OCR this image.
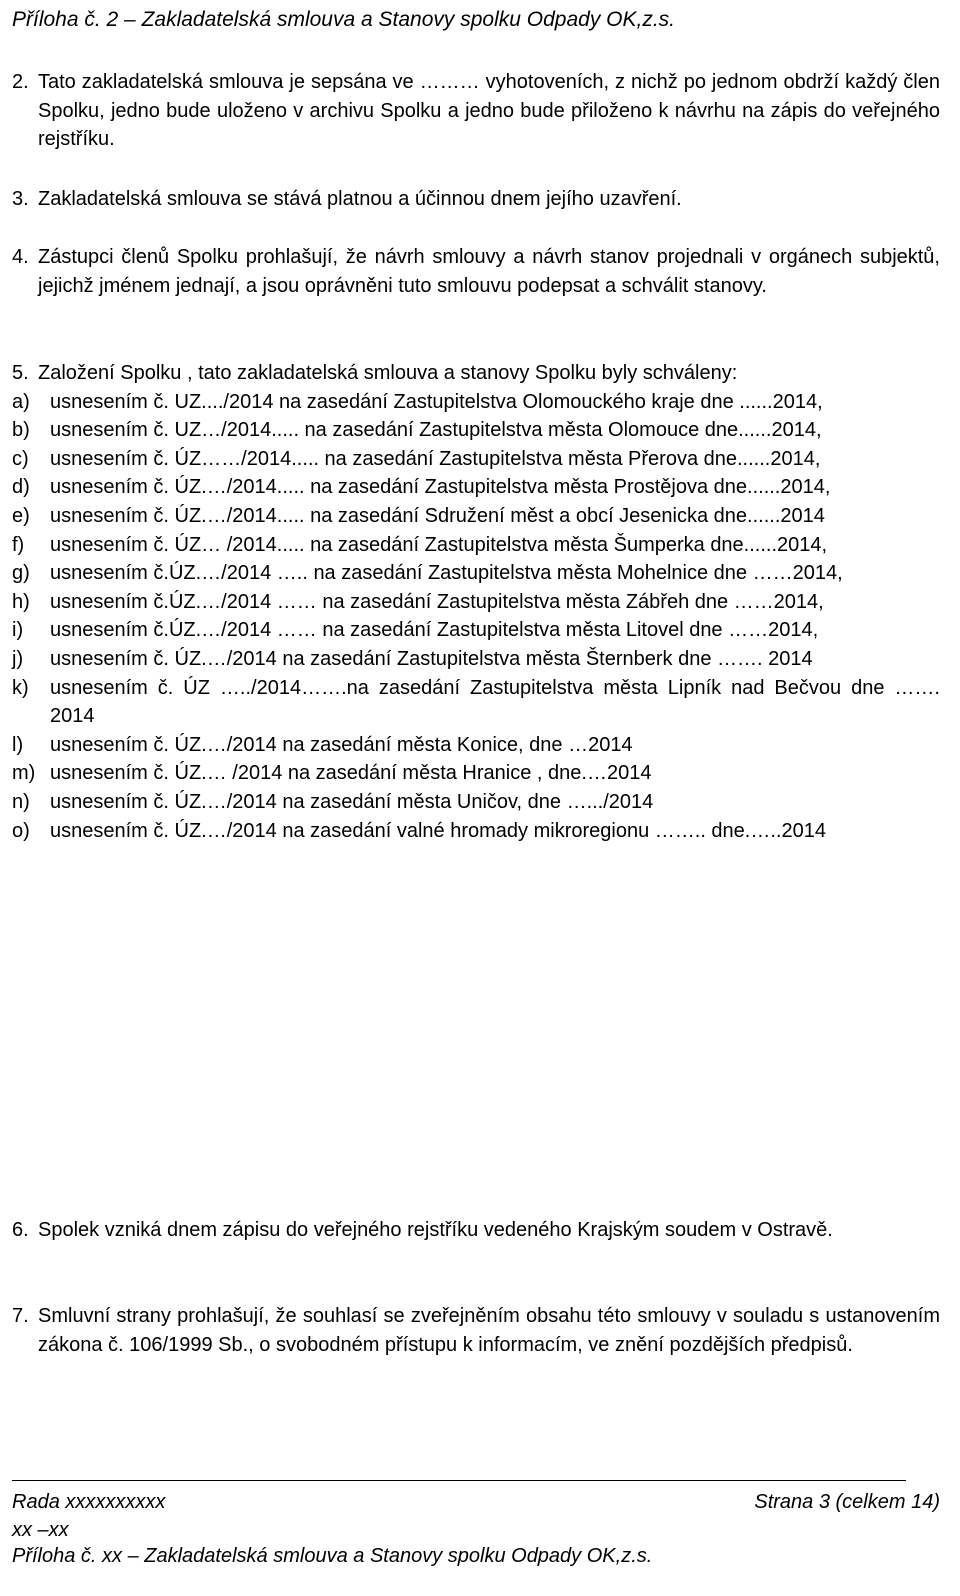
Příloha č. 2 – Zakladatelská smlouva a Stanovy spolku Odpady OK,z.s.
2. Tato zakladatelská smlouva je sepsána ve ……… vyhotoveních, z nichž po jednom obdrží každý člen Spolku, jedno bude uloženo v archivu Spolku a jedno bude přiloženo k návrhu na zápis do veřejného rejstříku.
3. Zakladatelská smlouva se stává platnou a účinnou dnem jejího uzavření.
4. Zástupci členů Spolku prohlašují, že návrh smlouvy a návrh stanov projednali v orgánech subjektů, jejichž jménem jednají, a jsou oprávněni tuto smlouvu podepsat a schválit stanovy.
5. Založení Spolku , tato zakladatelská smlouva a stanovy Spolku byly schváleny:
a)	usnesením č. UZ..../2014 na zasedání Zastupitelstva Olomouckého kraje dne ......2014,
b)	usnesením č. UZ…/2014..... na zasedání Zastupitelstva města Olomouce dne......2014,
c)	usnesením č. ÚZ……/2014..... na zasedání Zastupitelstva města Přerova dne......2014,
d)	usnesením č. ÚZ.…/2014..... na zasedání Zastupitelstva města Prostějova dne......2014,
e)	usnesením č. ÚZ.…/2014..... na zasedání Sdružení měst a obcí Jesenicka dne......2014
f)	usnesením č. ÚZ… /2014..... na zasedání Zastupitelstva města Šumperka dne......2014,
g)	usnesením č.ÚZ.…/2014 ….. na zasedání Zastupitelstva města Mohelnice dne ……2014,
h)	usnesením č.ÚZ.…/2014 …… na zasedání Zastupitelstva města Zábřeh dne ……2014,
i)	usnesením č.ÚZ.…/2014 …… na zasedání Zastupitelstva města Litovel dne ……2014,
j)	usnesením č. ÚZ.…/2014 na zasedání Zastupitelstva města Šternberk dne ……. 2014
k)	usnesením č. ÚZ …../2014…….na zasedání Zastupitelstva města Lipník nad Bečvou dne ……. 2014
l)	usnesením č. ÚZ.…/2014 na zasedání města Konice, dne …2014
m) usnesením č. ÚZ.… /2014 na zasedání města Hranice , dne.…2014
n)	usnesením č. ÚZ.…/2014 na zasedání města Uničov, dne ….../2014
o)	usnesením č. ÚZ.…/2014 na zasedání valné hromady mikroregionu …….. dne.…..2014
6. Spolek vzniká dnem zápisu do veřejného rejstříku vedeného Krajským soudem v Ostravě.
7. Smluvní strany prohlašují, že souhlasí se zveřejněním obsahu této smlouvy v souladu s ustanovením zákona č. 106/1999 Sb., o svobodném přístupu k informacím, ve znění pozdějších předpisů.
Rada xxxxxxxxxx	Strana 3 (celkem 14)
xx –xx
Příloha č. xx – Zakladatelská smlouva a Stanovy spolku Odpady OK,z.s.
